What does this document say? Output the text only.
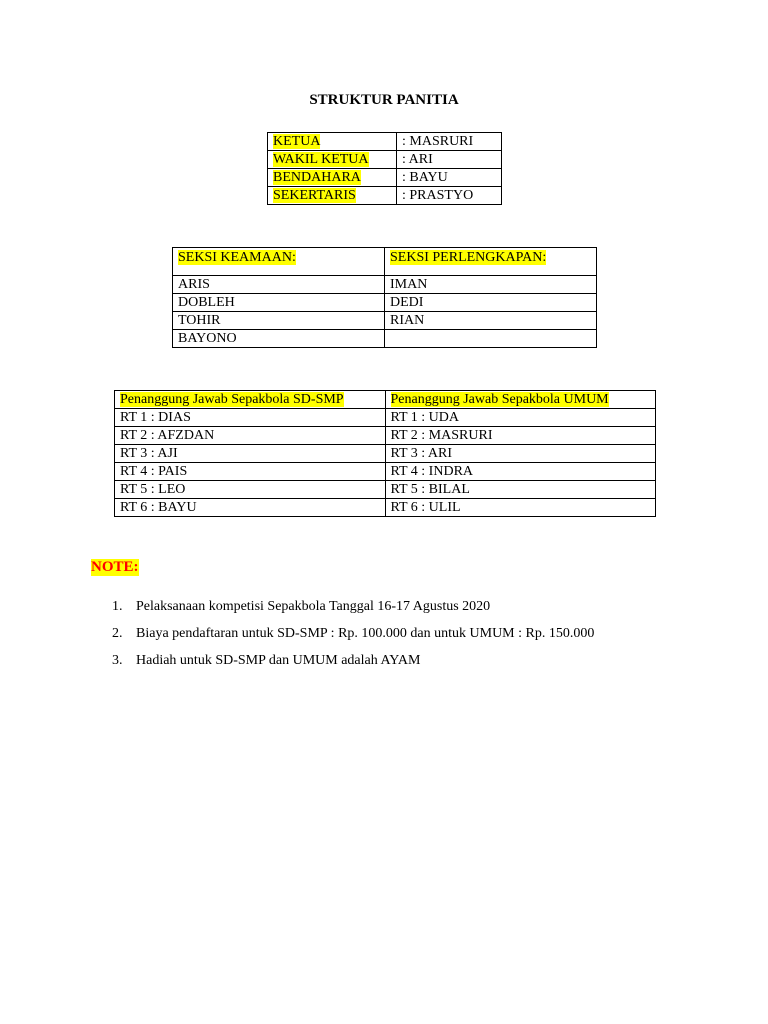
STRUKTUR PANITIA
KETUA	: MASRURI
WAKIL KETUA	: ARI
BENDAHARA	: BAYU
SEKERTARIS	: PRASTYO
SEKSI KEAMAAN:	SEKSI PERLENGKAPAN:
ARIS	IMAN
DOBLEH	DEDI
TOHIR	RIAN
BAYONO	
Penanggung Jawab Sepakbola SD-SMP	Penanggung Jawab Sepakbola UMUM
RT 1 : DIAS	RT 1 : UDA
RT 2 : AFZDAN	RT 2 : MASRURI
RT 3 : AJI	RT 3 : ARI
RT 4 : PAIS	RT 4 : INDRA
RT 5 : LEO	RT 5 : BILAL
RT 6 : BAYU	RT 6 : ULIL
NOTE:
1. Pelaksanaan kompetisi Sepakbola Tanggal 16-17 Agustus 2020
2. Biaya pendaftaran untuk SD-SMP : Rp. 100.000 dan untuk UMUM : Rp. 150.000
3. Hadiah untuk SD-SMP dan UMUM adalah AYAM
